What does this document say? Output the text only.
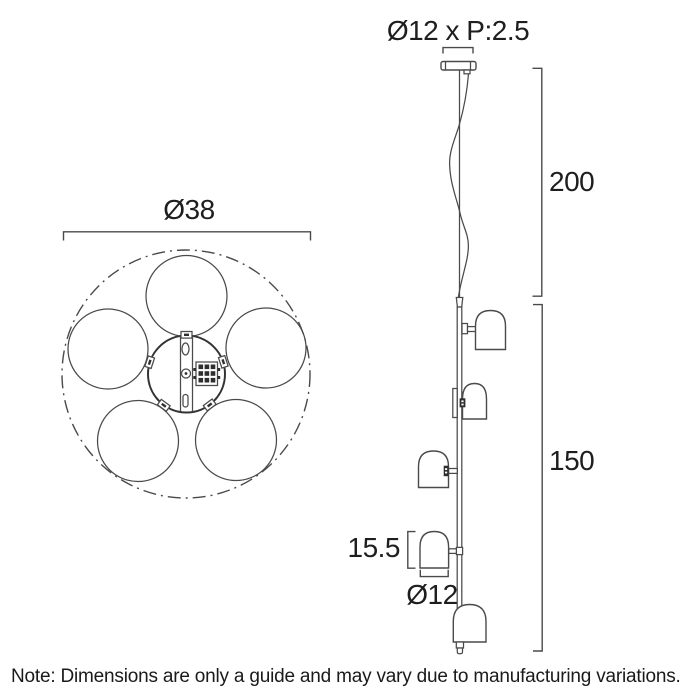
Ø12 x P:2.5
Ø38
200
150
15.5
Ø12
Note: Dimensions are only a guide and may vary due to manufacturing variations.
